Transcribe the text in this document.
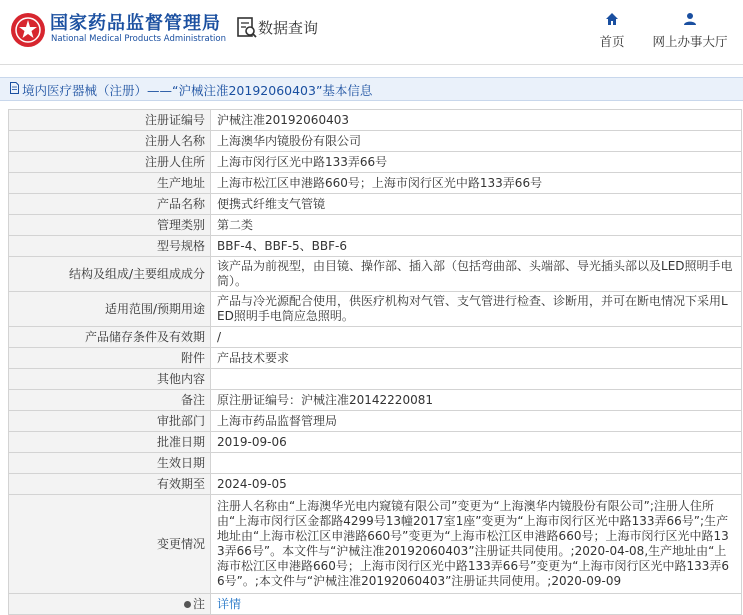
国家药品监督管理局
National Medical Products Administration
数据查询
首页	网上办事大厅
境内医疗器械（注册）——“沪械注准20192060403”基本信息
注册证编号	沪械注准20192060403
注册人名称	上海澳华内镜股份有限公司
注册人住所	上海市闵行区光中路133弄66号
生产地址	上海市松江区申港路660号；上海市闵行区光中路133弄66号
产品名称	便携式纤维支气管镜
管理类别	第二类
型号规格	BBF-4、BBF-5、BBF-6
结构及组成/主要组成成分	该产品为前视型，由目镜、操作部、插入部（包括弯曲部、头端部、导光插头部以及LED照明手电筒）。
适用范围/预期用途	产品与冷光源配合使用，供医疗机构对气管、支气管进行检查、诊断用，并可在断电情况下采用LED照明手电筒应急照明。
产品储存条件及有效期	/
附件	产品技术要求
其他内容	
备注	原注册证编号：沪械注准20142220081
审批部门	上海市药品监督管理局
批准日期	2019-09-06
生效日期	
有效期至	2024-09-05
变更情况	注册人名称由“上海澳华光电内窥镜有限公司”变更为“上海澳华内镜股份有限公司”;注册人住所由“上海市闵行区金都路4299号13幢2017室1座”变更为“上海市闵行区光中路133弄66号”;生产地址由“上海市松江区申港路660号”变更为“上海市松江区申港路660号；上海市闵行区光中路133弄66号”。本文件与“沪械注准20192060403”注册证共同使用。;2020-04-08,生产地址由“上海市松江区申港路660号；上海市闵行区光中路133弄66号”变更为“上海市闵行区光中路133弄66号”。;本文件与“沪械注准20192060403”注册证共同使用。;2020-09-09
注	详情
